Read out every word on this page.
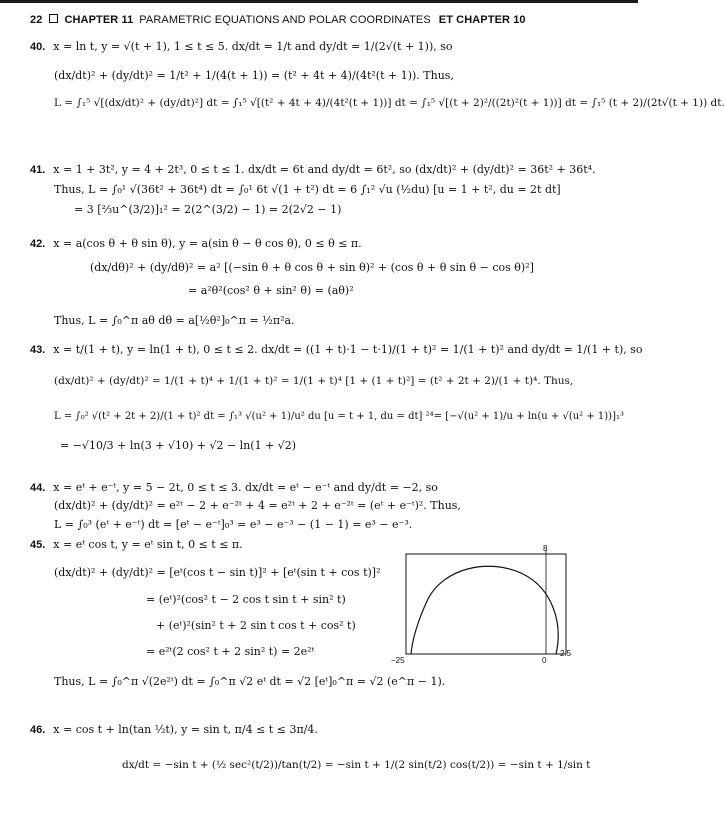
22 CHAPTER 11 PARAMETRIC EQUATIONS AND POLAR COORDINATES ET CHAPTER 10
40. x = ln t, y = √(t + 1), 1 ≤ t ≤ 5. dx/dt = 1/t and dy/dt = 1/(2√(t + 1)), so
(dx/dt)² + (dy/dt)² = 1/t² + 1/(4(t + 1)) = (t² + 4t + 4)/(4t²(t + 1)). Thus,
L = ∫₁⁵ √[(dx/dt)² + (dy/dt)²] dt = ∫₁⁵ √[(t² + 4t + 4)/(4t²(t + 1))] dt = ∫₁⁵ √[(t + 2)²/((2t)²(t + 1))] dt = ∫₁⁵ (t + 2)/(2t√(t + 1)) dt.
41. x = 1 + 3t², y = 4 + 2t³, 0 ≤ t ≤ 1. dx/dt = 6t and dy/dt = 6t², so (dx/dt)² + (dy/dt)² = 36t² + 36t⁴.
Thus, L = ∫₀¹ √(36t² + 36t⁴) dt = ∫₀¹ 6t √(1 + t²) dt = 6 ∫₁² √u (½du) [u = 1 + t², du = 2t dt]
= 3 [⅔u^(3/2)]₁² = 2(2^(3/2) − 1) = 2(2√2 − 1)
42. x = a(cos θ + θ sin θ), y = a(sin θ − θ cos θ), 0 ≤ θ ≤ π.
(dx/dθ)² + (dy/dθ)² = a² [(−sin θ + θ cos θ + sin θ)² + (cos θ + θ sin θ − cos θ)²]
= a²θ²(cos² θ + sin² θ) = (aθ)²
Thus, L = ∫₀^π aθ dθ = a[½θ²]₀^π = ½π²a.
43. x = t/(1 + t), y = ln(1 + t), 0 ≤ t ≤ 2. dx/dt = ((1 + t)·1 − t·1)/(1 + t)² = 1/(1 + t)² and dy/dt = 1/(1 + t), so
(dx/dt)² + (dy/dt)² = 1/(1 + t)⁴ + 1/(1 + t)² = 1/(1 + t)⁴ [1 + (1 + t)²] = (t² + 2t + 2)/(1 + t)⁴. Thus,
L = ∫₀² √(t² + 2t + 2)/(1 + t)² dt = ∫₁³ √(u² + 1)/u² du [u = t + 1, du = dt] ²⁴= [−√(u² + 1)/u + ln(u + √(u² + 1))]₁³
= −√10/3 + ln(3 + √10) + √2 − ln(1 + √2)
44. x = eᵗ + e⁻ᵗ, y = 5 − 2t, 0 ≤ t ≤ 3. dx/dt = eᵗ − e⁻ᵗ and dy/dt = −2, so
(dx/dt)² + (dy/dt)² = e²ᵗ − 2 + e⁻²ᵗ + 4 = e²ᵗ + 2 + e⁻²ᵗ = (eᵗ + e⁻ᵗ)². Thus,
L = ∫₀³ (eᵗ + e⁻ᵗ) dt = [eᵗ − e⁻ᵗ]₀³ = e³ − e⁻³ − (1 − 1) = e³ − e⁻³.
45. x = eᵗ cos t, y = eᵗ sin t, 0 ≤ t ≤ π.
(dx/dt)² + (dy/dt)² = [eᵗ(cos t − sin t)]² + [eᵗ(sin t + cos t)]²
= (eᵗ)²(cos² t − 2 cos t sin t + sin² t)
+ (eᵗ)²(sin² t + 2 sin t cos t + cos² t)
= e²ᵗ(2 cos² t + 2 sin² t) = 2e²ᵗ
Thus, L = ∫₀^π √(2e²ᵗ) dt = ∫₀^π √2 eᵗ dt = √2 [eᵗ]₀^π = √2 (e^π − 1).
8
−25	0
2.5
46. x = cos t + ln(tan ½t), y = sin t, π/4 ≤ t ≤ 3π/4.
dx/dt = −sin t + (½ sec²(t/2))/tan(t/2) = −sin t + 1/(2 sin(t/2) cos(t/2)) = −sin t + 1/sin t
